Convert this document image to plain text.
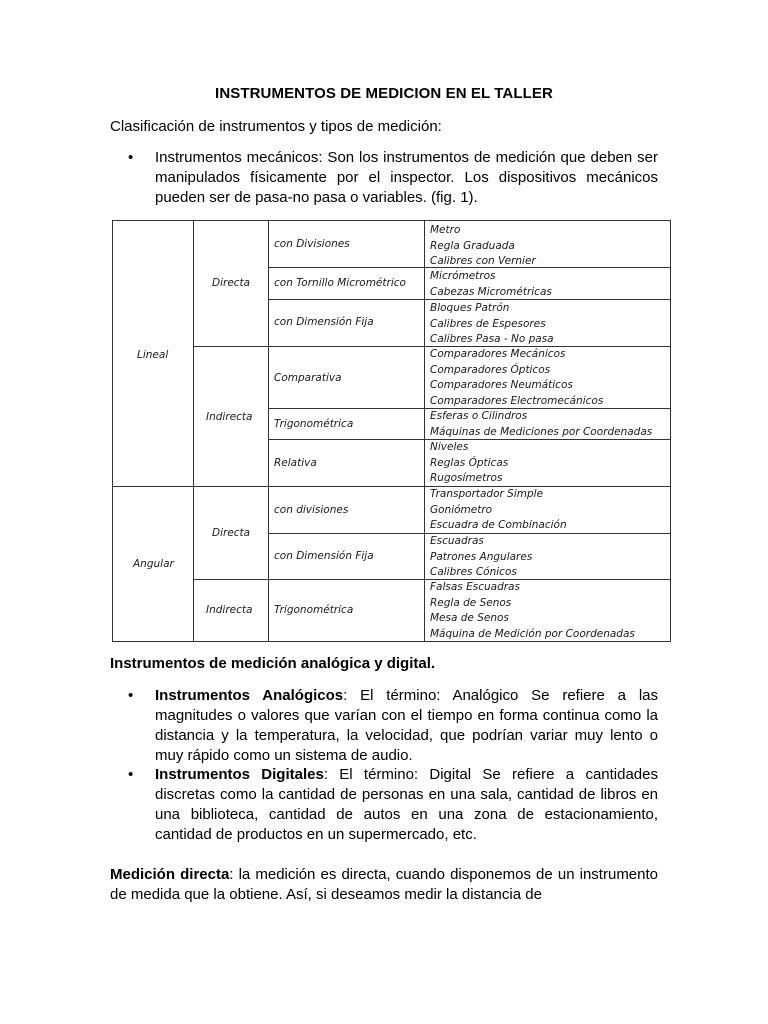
INSTRUMENTOS DE MEDICION EN EL TALLER
Clasificación de instrumentos y tipos de medición:
• Instrumentos mecánicos: Son los instrumentos de medición que deben ser manipulados físicamente por el inspector. Los dispositivos mecánicos pueden ser de pasa-no pasa o variables. (fig. 1).
Lineal
Angular
Directa
Indirecta
Directa
Indirecta
con Divisiones
con Tornillo Micrométrico
con Dimensión Fija
Comparativa
Trigonométrica
Relativa
con divisiones
con Dimensión Fija
Trigonométrica
Metro
Regla Graduada
Calibres con Vernier
Micrómetros
Cabezas Micrométricas
Bloques Patrón
Calibres de Espesores
Calibres Pasa - No pasa
Comparadores Mecánicos
Comparadores Ópticos
Comparadores Neumáticos
Comparadores Electromecánicos
Esferas o Cilindros
Máquinas de Mediciones por Coordenadas
Niveles
Reglas Ópticas
Rugosímetros
Transportador Simple
Goniómetro
Escuadra de Combinación
Escuadras
Patrones Angulares
Calibres Cónicos
Falsas Escuadras
Regla de Senos
Mesa de Senos
Máquina de Medición por Coordenadas
Instrumentos de medición analógica y digital.
• Instrumentos Analógicos: El término: Analógico Se refiere a las magnitudes o valores que varían con el tiempo en forma continua como la distancia y la temperatura, la velocidad, que podrían variar muy lento o muy rápido como un sistema de audio.
• Instrumentos Digitales: El término: Digital Se refiere a cantidades discretas como la cantidad de personas en una sala, cantidad de libros en una biblioteca, cantidad de autos en una zona de estacionamiento, cantidad de productos en un supermercado, etc.
Medición directa: la medición es directa, cuando disponemos de un instrumento de medida que la obtiene. Así, si deseamos medir la distancia de
